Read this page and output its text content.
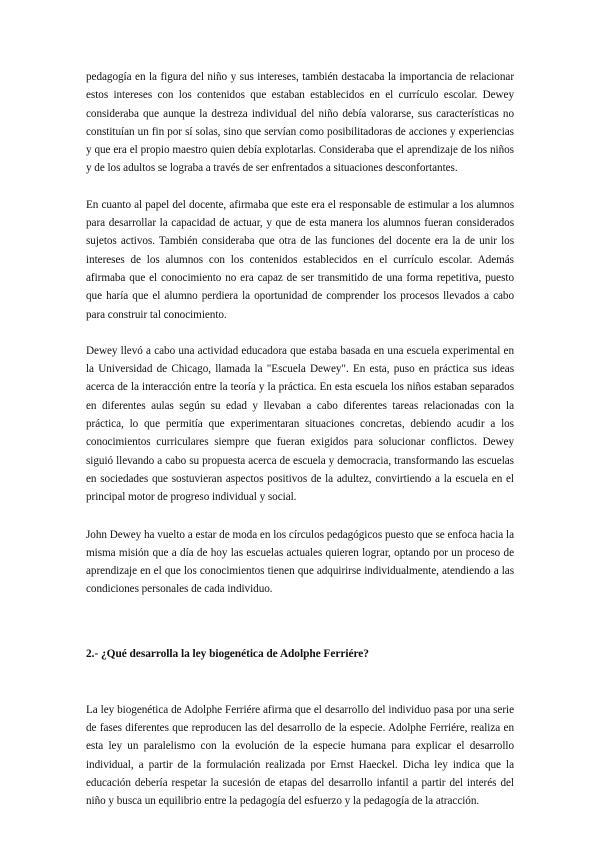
pedagogía en la figura del niño y sus intereses, también destacaba la importancia de relacionar estos intereses con los contenidos que estaban establecidos en el currículo escolar. Dewey consideraba que aunque la destreza individual del niño debía valorarse, sus características no constituían un fin por sí solas, sino que servían como posibilitadoras de acciones y experiencias y que era el propio maestro quien debía explotarlas. Consideraba que el aprendizaje de los niños y de los adultos se lograba a través de ser enfrentados a situaciones desconfortantes.

En cuanto al papel del docente, afirmaba que este era el responsable de estimular a los alumnos para desarrollar la capacidad de actuar, y que de esta manera los alumnos fueran considerados sujetos activos. También consideraba que otra de las funciones del docente era la de unir los intereses de los alumnos con los contenidos establecidos en el currículo escolar. Además afirmaba que el conocimiento no era capaz de ser transmitido de una forma repetitiva, puesto que haría que el alumno perdiera la oportunidad de comprender los procesos llevados a cabo para construir tal conocimiento.

Dewey llevó a cabo una actividad educadora que estaba basada en una escuela experimental en la Universidad de Chicago, llamada la "Escuela Dewey". En esta, puso en práctica sus ideas acerca de la interacción entre la teoría y la práctica. En esta escuela los niños estaban separados en diferentes aulas según su edad y llevaban a cabo diferentes tareas relacionadas con la práctica, lo que permitía que experimentaran situaciones concretas, debiendo acudir a los conocimientos curriculares siempre que fueran exigidos para solucionar conflictos. Dewey siguió llevando a cabo su propuesta acerca de escuela y democracia, transformando las escuelas en sociedades que sostuvieran aspectos positivos de la adultez, convirtiendo a la escuela en el principal motor de progreso individual y social.

John Dewey ha vuelto a estar de moda en los círculos pedagógicos puesto que se enfoca hacia la misma misión que a día de hoy las escuelas actuales quieren lograr, optando por un proceso de aprendizaje en el que los conocimientos tienen que adquirirse individualmente, atendiendo a las condiciones personales de cada individuo.

2.- ¿Qué desarrolla la ley biogenética de Adolphe Ferriére?

La ley biogenética de Adolphe Ferriére afirma que el desarrollo del individuo pasa por una serie de fases diferentes que reproducen las del desarrollo de la especie. Adolphe Ferriére, realiza en esta ley un paralelismo con la evolución de la especie humana para explicar el desarrollo individual, a partir de la formulación realizada por Ernst Haeckel. Dicha ley indica que la educación debería respetar la sucesión de etapas del desarrollo infantil a partir del interés del niño y busca un equilibrio entre la pedagogía del esfuerzo y la pedagogía de la atracción.
